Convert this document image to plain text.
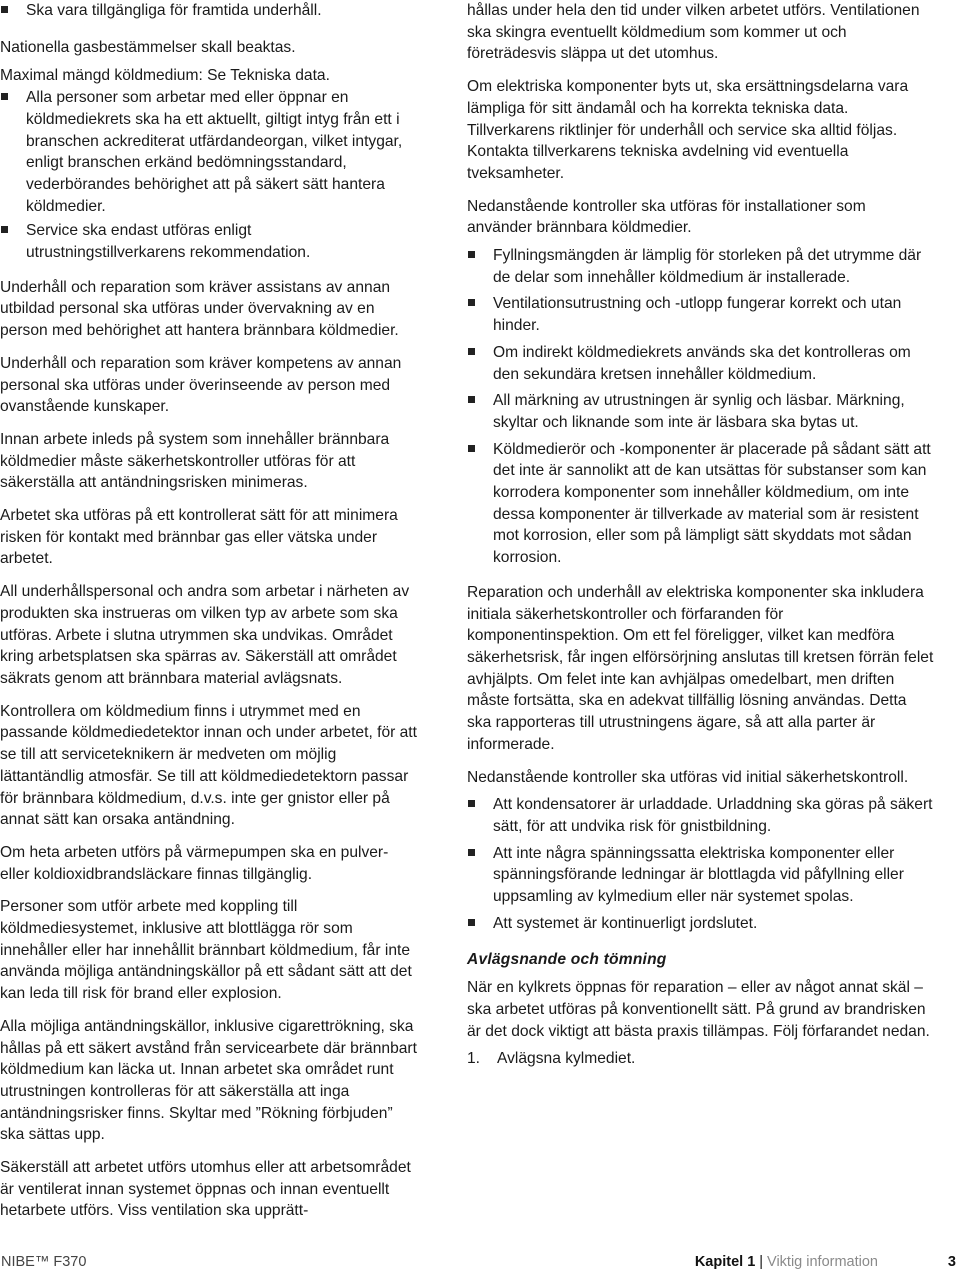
Ska vara tillgängliga för framtida underhåll.

Nationella gasbestämmelser skall beaktas.

Maximal mängd köldmedium: Se Tekniska data.

Alla personer som arbetar med eller öppnar en köldmediekrets ska ha ett aktuellt, giltigt intyg från ett i branschen ackrediterat utfärdandeorgan, vilket intygar, enligt branschen erkänd bedömningsstandard, vederbörandes behörighet att på säkert sätt hantera köldmedier.
Service ska endast utföras enligt utrustningstillverkarens rekommendation.

Underhåll och reparation som kräver assistans av annan utbildad personal ska utföras under övervakning av en person med behörighet att hantera brännbara köldmedier.

Underhåll och reparation som kräver kompetens av annan personal ska utföras under överinseende av person med ovanstående kunskaper.

Innan arbete inleds på system som innehåller brännbara köldmedier måste säkerhetskontroller utföras för att säkerställa att antändningsrisken minimeras.

Arbetet ska utföras på ett kontrollerat sätt för att minimera risken för kontakt med brännbar gas eller vätska under arbetet.

All underhållspersonal och andra som arbetar i närheten av produkten ska instrueras om vilken typ av arbete som ska utföras. Arbete i slutna utrymmen ska undvikas. Området kring arbetsplatsen ska spärras av. Säkerställ att området säkrats genom att brännbara material avlägsnats.

Kontrollera om köldmedium finns i utrymmet med en passande köldmediedetektor innan och under arbetet, för att se till att serviceteknikern är medveten om möjlig lättantändlig atmosfär. Se till att köldmediedetektorn passar för brännbara köldmedium, d.v.s. inte ger gnistor eller på annat sätt kan orsaka antändning.

Om heta arbeten utförs på värmepumpen ska en pulver- eller koldioxidbrandsläckare finnas tillgänglig.

Personer som utför arbete med koppling till köldmediesystemet, inklusive att blottlägga rör som innehåller eller har innehållit brännbart köldmedium, får inte använda möjliga antändningskällor på ett sådant sätt att det kan leda till risk för brand eller explosion.

Alla möjliga antändningskällor, inklusive cigarettrökning, ska hållas på ett säkert avstånd från servicearbete där brännbart köldmedium kan läcka ut. Innan arbetet ska området runt utrustningen kontrolleras för att säkerställa att inga antändningsrisker finns. Skyltar med ”Rökning förbjuden” ska sättas upp.

Säkerställ att arbetet utförs utomhus eller att arbetsområdet är ventilerat innan systemet öppnas och innan eventuellt hetarbete utförs. Viss ventilation ska upprätt-

hållas under hela den tid under vilken arbetet utförs. Ventilationen ska skingra eventuellt köldmedium som kommer ut och företrädesvis släppa ut det utomhus.

Om elektriska komponenter byts ut, ska ersättningsdelarna vara lämpliga för sitt ändamål och ha korrekta tekniska data. Tillverkarens riktlinjer för underhåll och service ska alltid följas. Kontakta tillverkarens tekniska avdelning vid eventuella tveksamheter.

Nedanstående kontroller ska utföras för installationer som använder brännbara köldmedier.

Fyllningsmängden är lämplig för storleken på det utrymme där de delar som innehåller köldmedium är installerade.
Ventilationsutrustning och -utlopp fungerar korrekt och utan hinder.
Om indirekt köldmediekrets används ska det kontrolleras om den sekundära kretsen innehåller köldmedium.
All märkning av utrustningen är synlig och läsbar. Märkning, skyltar och liknande som inte är läsbara ska bytas ut.
Köldmedierör och -komponenter är placerade på sådant sätt att det inte är sannolikt att de kan utsättas för substanser som kan korrodera komponenter som innehåller köldmedium, om inte dessa komponenter är tillverkade av material som är resistent mot korrosion, eller som på lämpligt sätt skyddats mot sådan korrosion.

Reparation och underhåll av elektriska komponenter ska inkludera initiala säkerhetskontroller och förfaranden för komponentinspektion. Om ett fel föreligger, vilket kan medföra säkerhetsrisk, får ingen elförsörjning anslutas till kretsen förrän felet avhjälpts. Om felet inte kan avhjälpas omedelbart, men driften måste fortsätta, ska en adekvat tillfällig lösning användas. Detta ska rapporteras till utrustningens ägare, så att alla parter är informerade.

Nedanstående kontroller ska utföras vid initial säkerhetskontroll.

Att kondensatorer är urladdade. Urladdning ska göras på säkert sätt, för att undvika risk för gnistbildning.
Att inte några spänningssatta elektriska komponenter eller spänningsförande ledningar är blottlagda vid påfyllning eller uppsamling av kylmedium eller när systemet spolas.
Att systemet är kontinuerligt jordslutet.
Avlägsnande och tömning

När en kylkrets öppnas för reparation – eller av något annat skäl – ska arbetet utföras på konventionellt sätt. På grund av brandrisken är det dock viktigt att bästa praxis tillämpas. Följ förfarandet nedan.

1. Avlägsna kylmediet.
NIBE™ F370	Kapitel 1 | Viktig information	3
